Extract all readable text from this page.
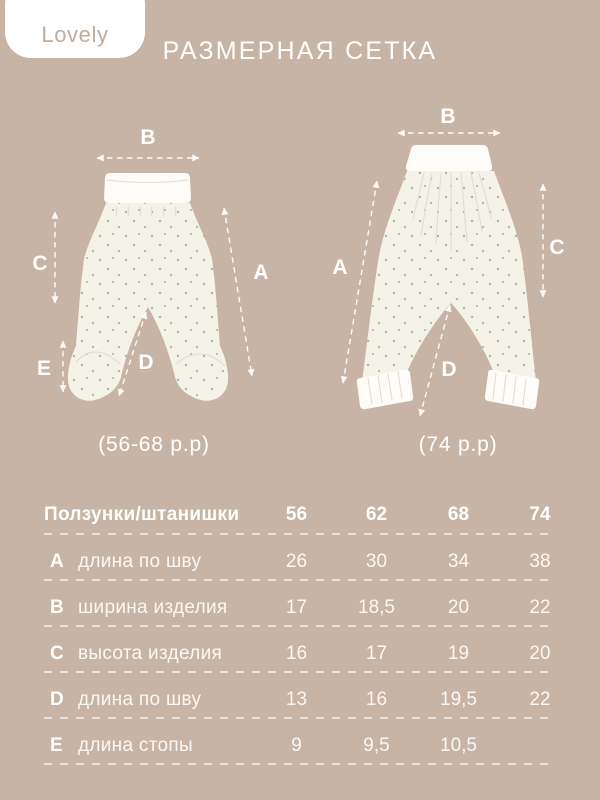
Lovely
РАЗМЕРНАЯ СЕТКА
B
C	A
D
E
B
A
C
D
(56-68 р.р)	(74 р.р)
Ползунки/штанишки	56	62	68	74
A длина по шву	26	30	34	38
B ширина изделия	17	18,5	20	22
C высота изделия	16	17	19	20
D длина по шву	13	16	19,5	22
E длина стопы	9	9,5	10,5
